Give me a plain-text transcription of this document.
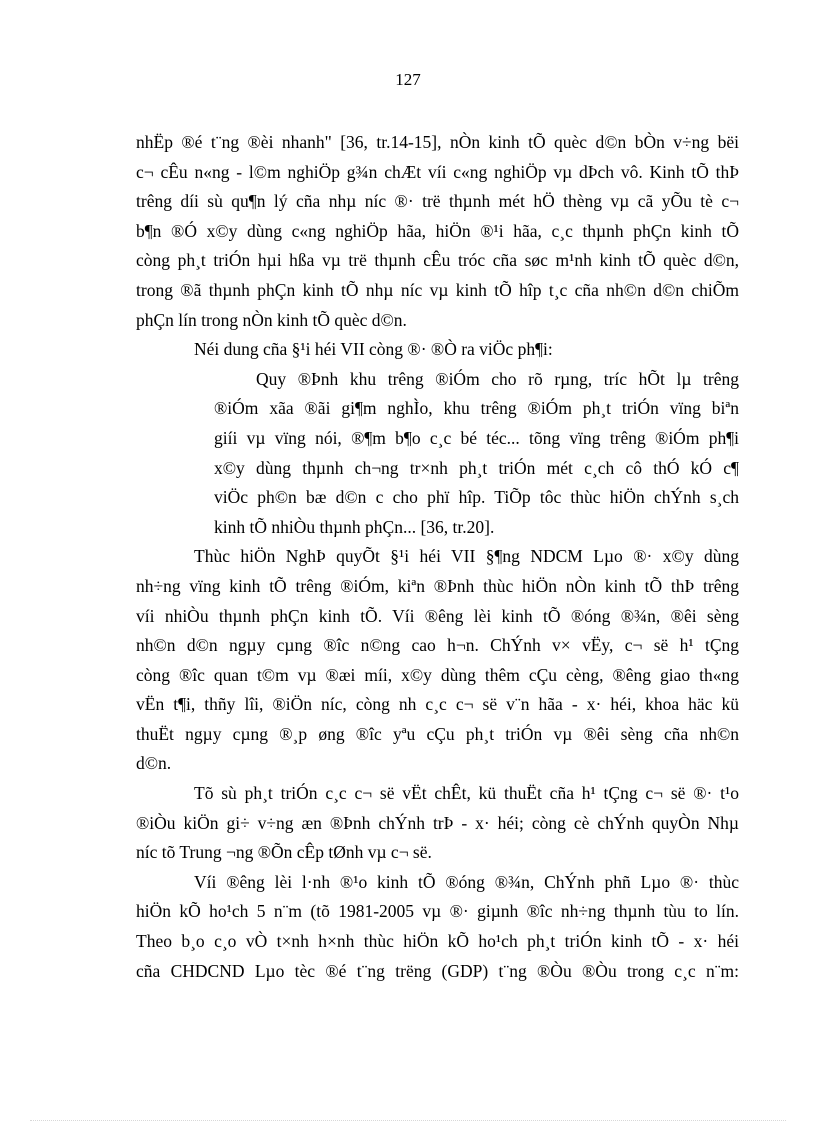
127
nhËp ®é t¨ng ®èi nhanh" [36, tr.14-15], nÒn kinh tÕ quèc d©n bÒn v÷ng bëi
c¬ cÊu n«ng - l©m nghiÖp g¾n chÆt víi c«ng nghiÖp vµ dÞch vô. Kinh tÕ thÞ
trêng díi sù qu¶n lý cña nhµ níc ®· trë thµnh mét hÖ thèng vµ cã yÕu tè c¬
b¶n ®Ó x©y dùng c«ng nghiÖp hãa, hiÖn ®¹i hãa, c¸c thµnh phÇn kinh tÕ
còng ph¸t triÓn hµi hßa vµ trë thµnh cÊu tróc cña søc m¹nh kinh tÕ quèc d©n,
trong ®ã thµnh phÇn kinh tÕ nhµ níc vµ kinh tÕ hîp t¸c cña nh©n d©n chiÕm
phÇn lín trong nÒn kinh tÕ quèc d©n.
Néi dung cña §¹i héi VII còng ®· ®Ò ra viÖc ph¶i:
Quy ®Þnh khu trêng ®iÓm cho rõ rµng, tríc hÕt lµ trêng
®iÓm xãa ®ãi gi¶m nghÌo, khu trêng ®iÓm ph¸t triÓn vïng biªn
giíi vµ vïng nói, ®¶m b¶o c¸c bé téc... tõng vïng trêng ®iÓm ph¶i
x©y dùng thµnh ch¬ng tr×nh ph¸t triÓn mét c¸ch cô thÓ kÓ c¶
viÖc ph©n bæ d©n c cho phï hîp. TiÕp tôc thùc hiÖn chÝnh s¸ch
kinh tÕ nhiÒu thµnh phÇn... [36, tr.20].
Thùc hiÖn NghÞ quyÕt §¹i héi VII §¶ng NDCM Lµo ®· x©y dùng
nh÷ng vïng kinh tÕ trêng ®iÓm, kiªn ®Þnh thùc hiÖn nÒn kinh tÕ thÞ trêng
víi nhiÒu thµnh phÇn kinh tÕ. Víi ®êng lèi kinh tÕ ®óng ®¾n, ®êi sèng
nh©n d©n ngµy cµng ®îc n©ng cao h¬n. ChÝnh v× vËy, c¬ së h¹ tÇng
còng ®îc quan t©m vµ ®æi míi, x©y dùng thêm cÇu cèng, ®êng giao th«ng
vËn t¶i, thñy lîi, ®iÖn níc, còng nh c¸c c¬ së v¨n hãa - x· héi, khoa häc kü
thuËt ngµy cµng ®¸p øng ®îc yªu cÇu ph¸t triÓn vµ ®êi sèng cña nh©n
d©n.
Tõ sù ph¸t triÓn c¸c c¬ së vËt chÊt, kü thuËt cña h¹ tÇng c¬ së ®· t¹o
®iÒu kiÖn gi÷ v÷ng æn ®Þnh chÝnh trÞ - x· héi; còng cè chÝnh quyÒn Nhµ
níc tõ Trung ¬ng ®Õn cÊp tØnh vµ c¬ së.
Víi ®êng lèi l·nh ®¹o kinh tÕ ®óng ®¾n, ChÝnh phñ Lµo ®· thùc
hiÖn kÕ ho¹ch 5 n¨m (tõ 1981-2005 vµ ®· giµnh ®îc nh÷ng thµnh tùu to lín.
Theo b¸o c¸o vÒ t×nh h×nh thùc hiÖn kÕ ho¹ch ph¸t triÓn kinh tÕ - x· héi
cña CHDCND Lµo tèc ®é t¨ng trëng (GDP) t¨ng ®Òu ®Òu trong c¸c n¨m:
